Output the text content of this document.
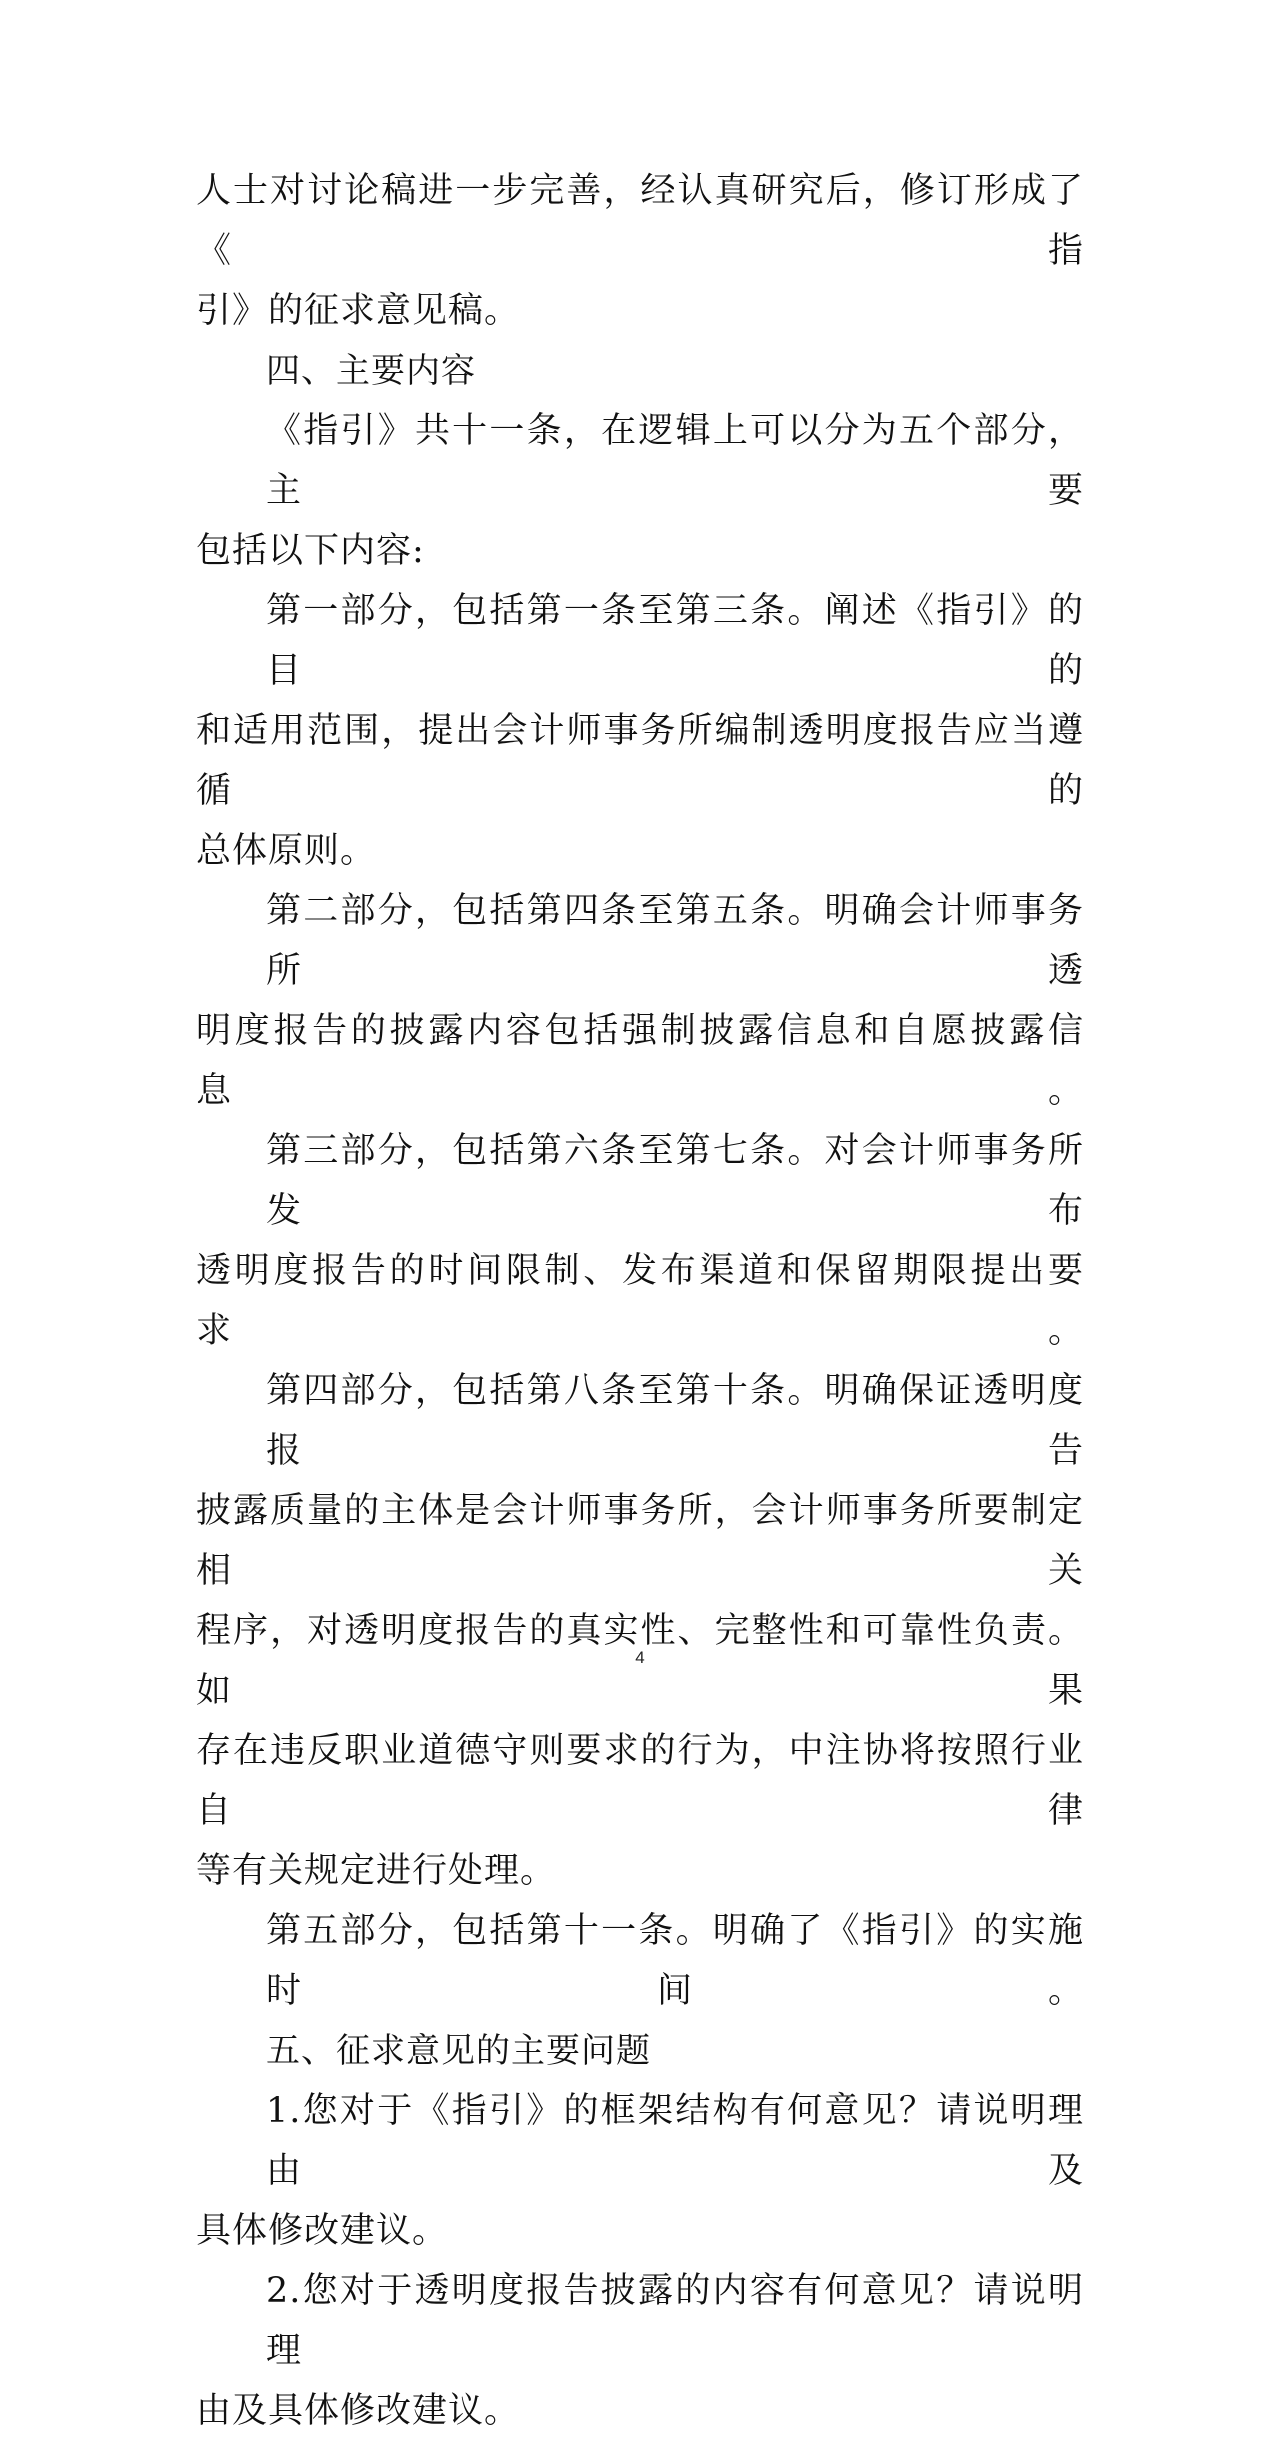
人士对讨论稿进一步完善，经认真研究后，修订形成了《指
引》的征求意见稿。
四、主要内容
《指引》共十一条，在逻辑上可以分为五个部分，主要
包括以下内容:
第一部分，包括第一条至第三条。阐述《指引》的目的
和适用范围，提出会计师事务所编制透明度报告应当遵循的
总体原则。
第二部分，包括第四条至第五条。明确会计师事务所透
明度报告的披露内容包括强制披露信息和自愿披露信息。
第三部分，包括第六条至第七条。对会计师事务所发布
透明度报告的时间限制、发布渠道和保留期限提出要求。
第四部分，包括第八条至第十条。明确保证透明度报告
披露质量的主体是会计师事务所，会计师事务所要制定相关
程序，对透明度报告的真实性、完整性和可靠性负责。如果
存在违反职业道德守则要求的行为，中注协将按照行业自律
等有关规定进行处理。
第五部分，包括第十一条。明确了《指引》的实施时间。
五、征求意见的主要问题
1.您对于《指引》的框架结构有何意见？请说明理由及
具体修改建议。
2.您对于透明度报告披露的内容有何意见？请说明理
由及具体修改建议。
4
